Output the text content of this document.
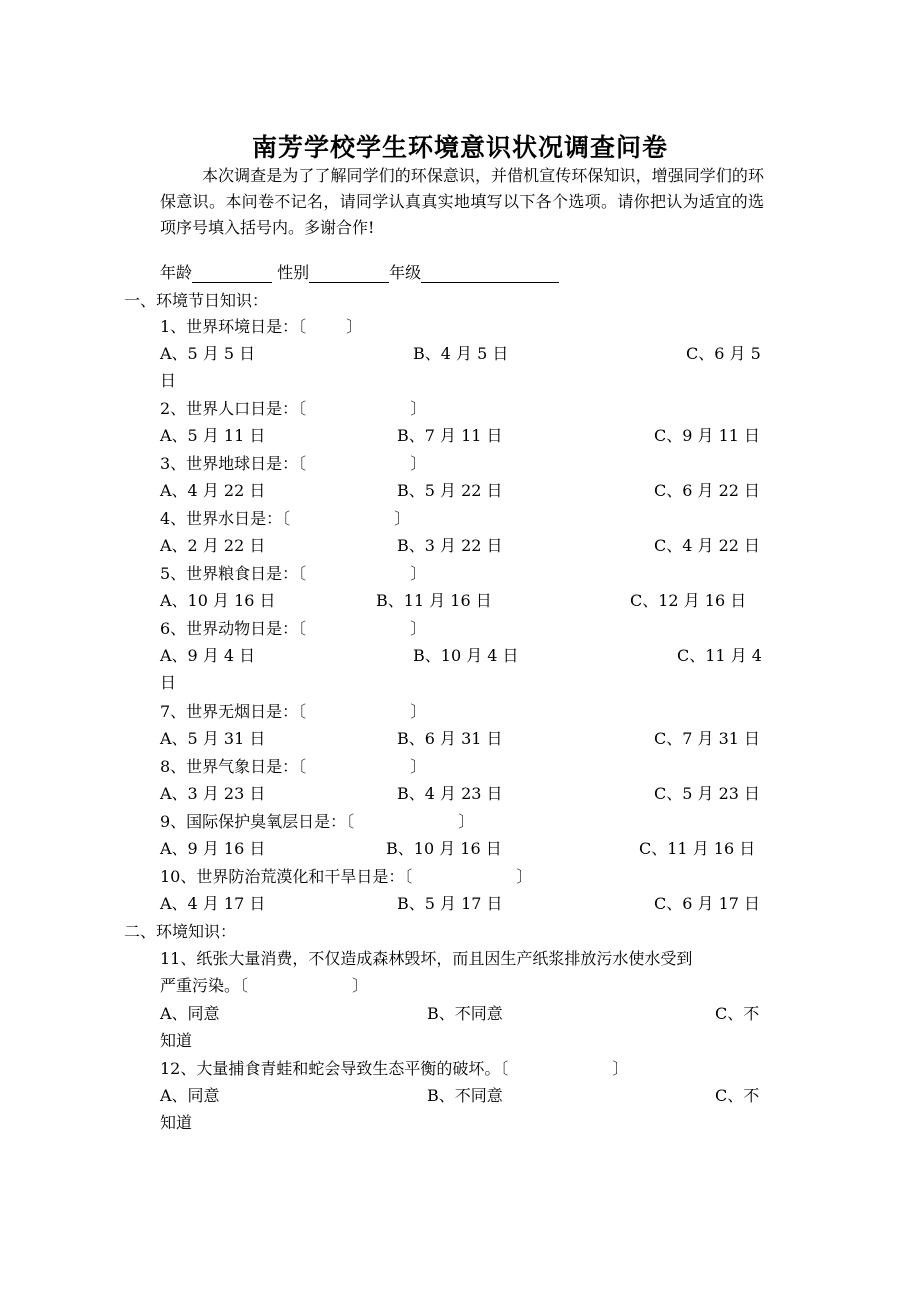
南芳学校学生环境意识状况调查问卷

本次调查是为了了解同学们的环保意识，并借机宣传环保知识，增强同学们的环保意识。本问卷不记名，请同学认真真实地填写以下各个选项。请你把认为适宜的选项序号填入括号内。多谢合作!

年龄	性别	年级
一、环境节日知识：
1、世界环境日是：〔	〕
A、5 月 5 日	B、4 月 5 日	C、6 月 5
日
2、世界人口日是：〔	〕
A、5 月 11 日	B、7 月 11 日	C、9 月 11 日
3、世界地球日是：〔	〕
A、4 月 22 日	B、5 月 22 日	C、6 月 22 日
4、世界水日是：〔	〕
A、2 月 22 日	B、3 月 22 日	C、4 月 22 日
5、世界粮食日是：〔	〕
A、10 月 16 日	B、11 月 16 日	C、12 月 16 日
6、世界动物日是：〔	〕
A、9 月 4 日	B、10 月 4 日	C、11 月 4
日
7、世界无烟日是：〔	〕
A、5 月 31 日	B、6 月 31 日	C、7 月 31 日
8、世界气象日是：〔	〕
A、3 月 23 日	B、4 月 23 日	C、5 月 23 日
9、国际保护臭氧层日是：〔	〕
A、9 月 16 日	B、10 月 16 日	C、11 月 16 日
10、世界防治荒漠化和干旱日是：〔	〕
A、4 月 17 日	B、5 月 17 日	C、6 月 17 日
二、环境知识：
11、纸张大量消费，不仅造成森林毁坏，而且因生产纸浆排放污水使水受到
严重污染。〔	〕
A、同意	B、不同意	C、不
知道
12、大量捕食青蛙和蛇会导致生态平衡的破坏。〔	〕
A、同意	B、不同意	C、不
知道
